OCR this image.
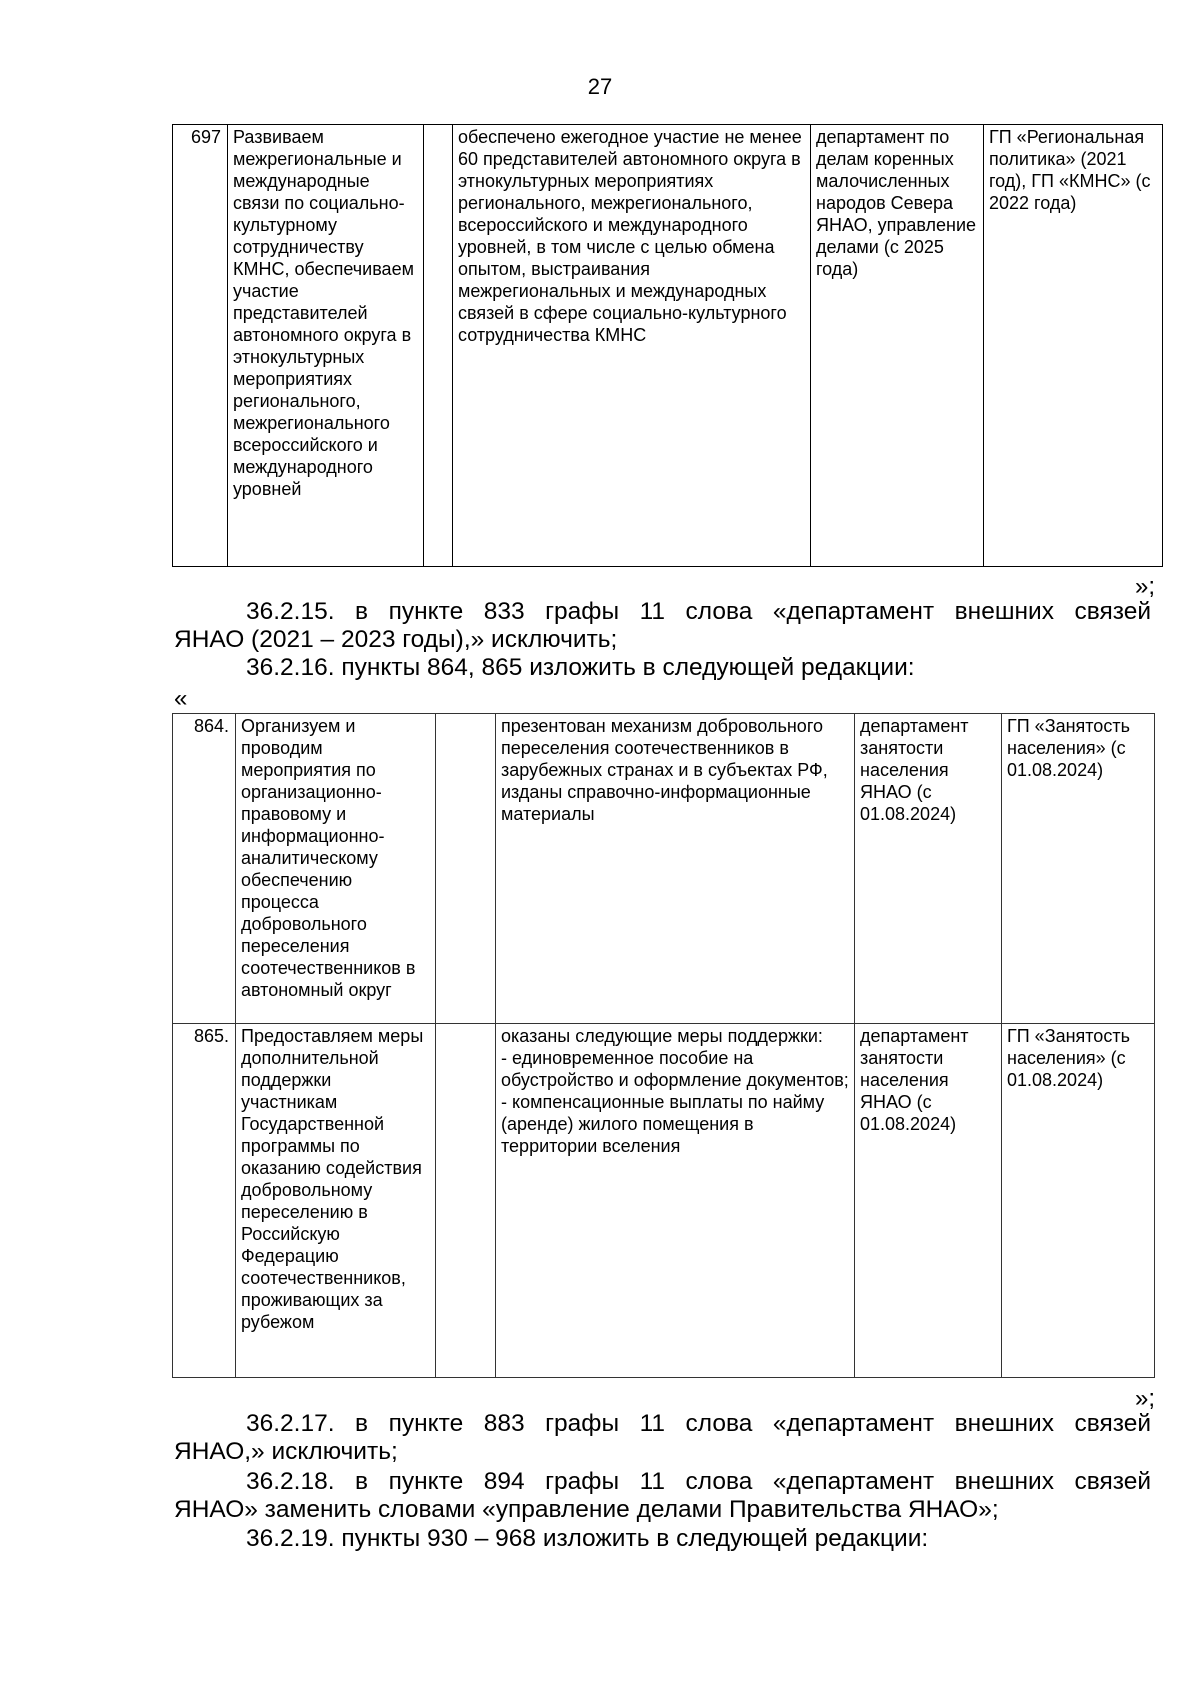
27
697	Развиваем межрегиональные и международные связи по социально-культурному сотрудничеству КМНС, обеспечиваем участие представителей автономного округа в этнокультурных мероприятиях регионального, межрегионального всероссийского и международного уровней		обеспечено ежегодное участие не менее 60 представителей автономного округа в этнокультурных мероприятиях регионального, межрегионального, всероссийского и международного уровней, в том числе с целью обмена опытом, выстраивания межрегиональных и международных связей в сфере социально-культурного сотрудничества КМНС	департамент по делам коренных малочисленных народов Севера ЯНАО, управление делами (с 2025 года)	ГП «Региональная политика» (2021 год), ГП «КМНС» (с 2022 года)
»;
36.2.15. в пункте 833 графы 11 слова «департамент внешних связей
ЯНАО (2021 – 2023 годы),» исключить;
36.2.16. пункты 864, 865 изложить в следующей редакции:
«
864.	Организуем и проводим мероприятия по организационно-правовому и информационно-аналитическому обеспечению процесса добровольного переселения соотечественников в автономный округ		презентован механизм добровольного переселения соотечественников в зарубежных странах и в субъектах РФ, изданы справочно-информационные материалы	департамент занятости населения ЯНАО (с 01.08.2024)	ГП «Занятость населения» (с 01.08.2024)
865.	Предоставляем меры дополнительной поддержки участникам Государственной программы по оказанию содействия добровольному переселению в Российскую Федерацию соотечественников, проживающих за рубежом		оказаны следующие меры поддержки:
- единовременное пособие на обустройство и оформление документов;
- компенсационные выплаты по найму (аренде) жилого помещения в территории вселения	департамент занятости населения ЯНАО (с 01.08.2024)	ГП «Занятость населения» (с 01.08.2024)
»;
36.2.17. в пункте 883 графы 11 слова «департамент внешних связей
ЯНАО,» исключить;
36.2.18. в пункте 894 графы 11 слова «департамент внешних связей
ЯНАО» заменить словами «управление делами Правительства ЯНАО»;
36.2.19. пункты 930 – 968 изложить в следующей редакции:
